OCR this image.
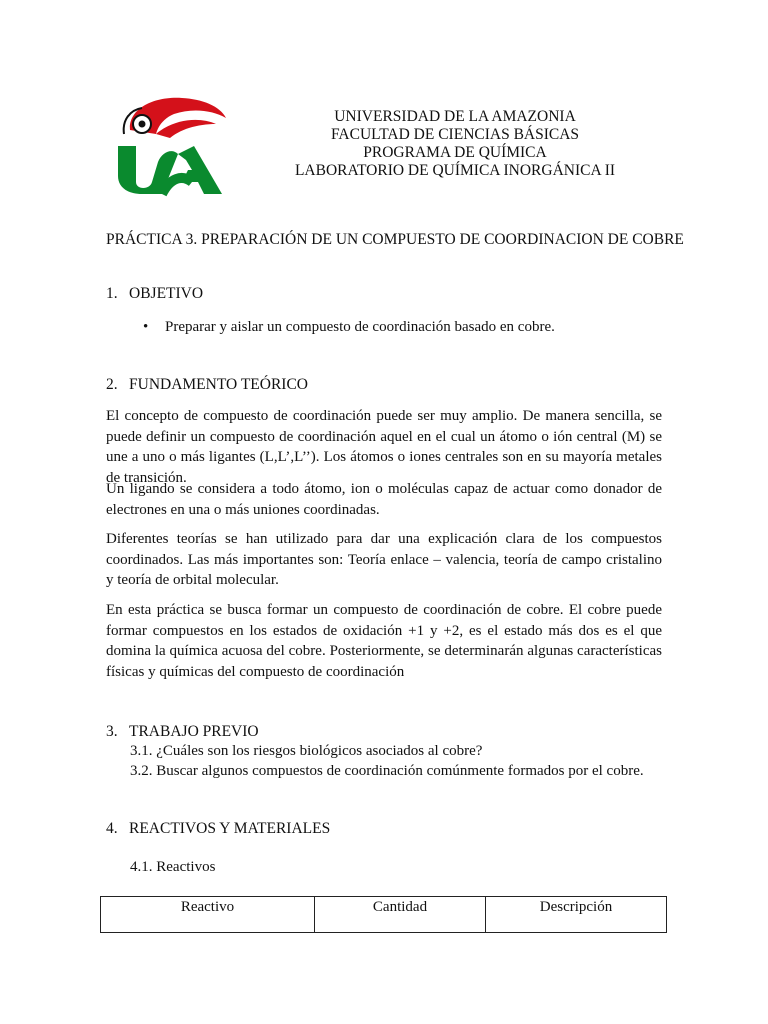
UNIVERSIDAD DE LA AMAZONIA
FACULTAD DE CIENCIAS BÁSICAS
PROGRAMA DE QUÍMICA
LABORATORIO DE QUÍMICA INORGÁNICA II
PRÁCTICA 3. PREPARACIÓN DE UN COMPUESTO DE COORDINACION DE COBRE
1. OBJETIVO
• Preparar y aislar un compuesto de coordinación basado en cobre.
2. FUNDAMENTO TEÓRICO

El concepto de compuesto de coordinación puede ser muy amplio. De manera sencilla, se puede definir un compuesto de coordinación aquel en el cual un átomo o ión central (M) se une a uno o más ligantes (L,L’,L’’). Los átomos o iones centrales son en su mayoría metales de transición.

Un ligando se considera a todo átomo, ion o moléculas capaz de actuar como donador de electrones en una o más uniones coordinadas.

Diferentes teorías se han utilizado para dar una explicación clara de los compuestos coordinados. Las más importantes son: Teoría enlace – valencia, teoría de campo cristalino y teoría de orbital molecular.

En esta práctica se busca formar un compuesto de coordinación de cobre. El cobre puede formar compuestos en los estados de oxidación +1 y +2, es el estado más dos es el que domina la química acuosa del cobre. Posteriormente, se determinarán algunas características físicas y químicas del compuesto de coordinación

3. TRABAJO PREVIO
3.1. ¿Cuáles son los riesgos biológicos asociados al cobre?
3.2. Buscar algunos compuestos de coordinación comúnmente formados por el cobre.
4. REACTIVOS Y MATERIALES
4.1. Reactivos
Reactivo	Cantidad	Descripción
